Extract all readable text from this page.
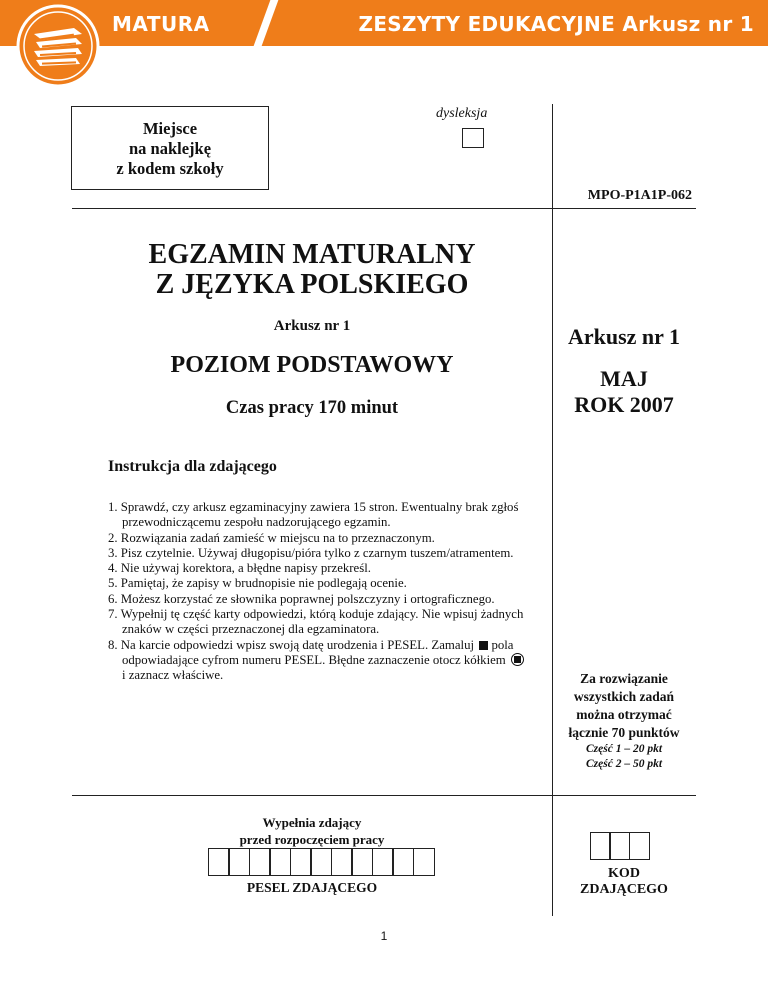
MATURA	ZESZYTY EDUKACYJNE Arkusz nr 1
Miejsce
na naklejkę
z kodem szkoły
dysleksja
MPO-P1A1P-062
EGZAMIN MATURALNY
Z JĘZYKA POLSKIEGO
Arkusz nr 1
POZIOM PODSTAWOWY
Czas pracy 170 minut
Arkusz nr 1
MAJ
ROK 2007
Instrukcja dla zdającego
1. Sprawdź, czy arkusz egzaminacyjny zawiera 15 stron. Ewentualny brak zgłoś przewodniczącemu zespołu nadzorującego egzamin.
2. Rozwiązania zadań zamieść w miejscu na to przeznaczonym.
3. Pisz czytelnie. Używaj długopisu/pióra tylko z czarnym tuszem/atramentem.
4. Nie używaj korektora, a błędne napisy przekreśl.
5. Pamiętaj, że zapisy w brudnopisie nie podlegają ocenie.
6. Możesz korzystać ze słownika poprawnej polszczyzny i ortograficznego.
7. Wypełnij tę część karty odpowiedzi, którą koduje zdający. Nie wpisuj żadnych znaków w części przeznaczonej dla egzaminatora.
8. Na karcie odpowiedzi wpisz swoją datę urodzenia i PESEL. Zamaluj pola odpowiadające cyfrom numeru PESEL. Błędne zaznaczenie otocz kółkiem  i zaznacz właściwe.	Za rozwiązanie
wszystkich zadań
można otrzymać
łącznie 70 punktów
Część 1 – 20 pkt
Część 2 – 50 pkt
Wypełnia zdający
przed rozpoczęciem pracy
PESEL ZDAJĄCEGO
KOD
ZDAJĄCEGO
1
